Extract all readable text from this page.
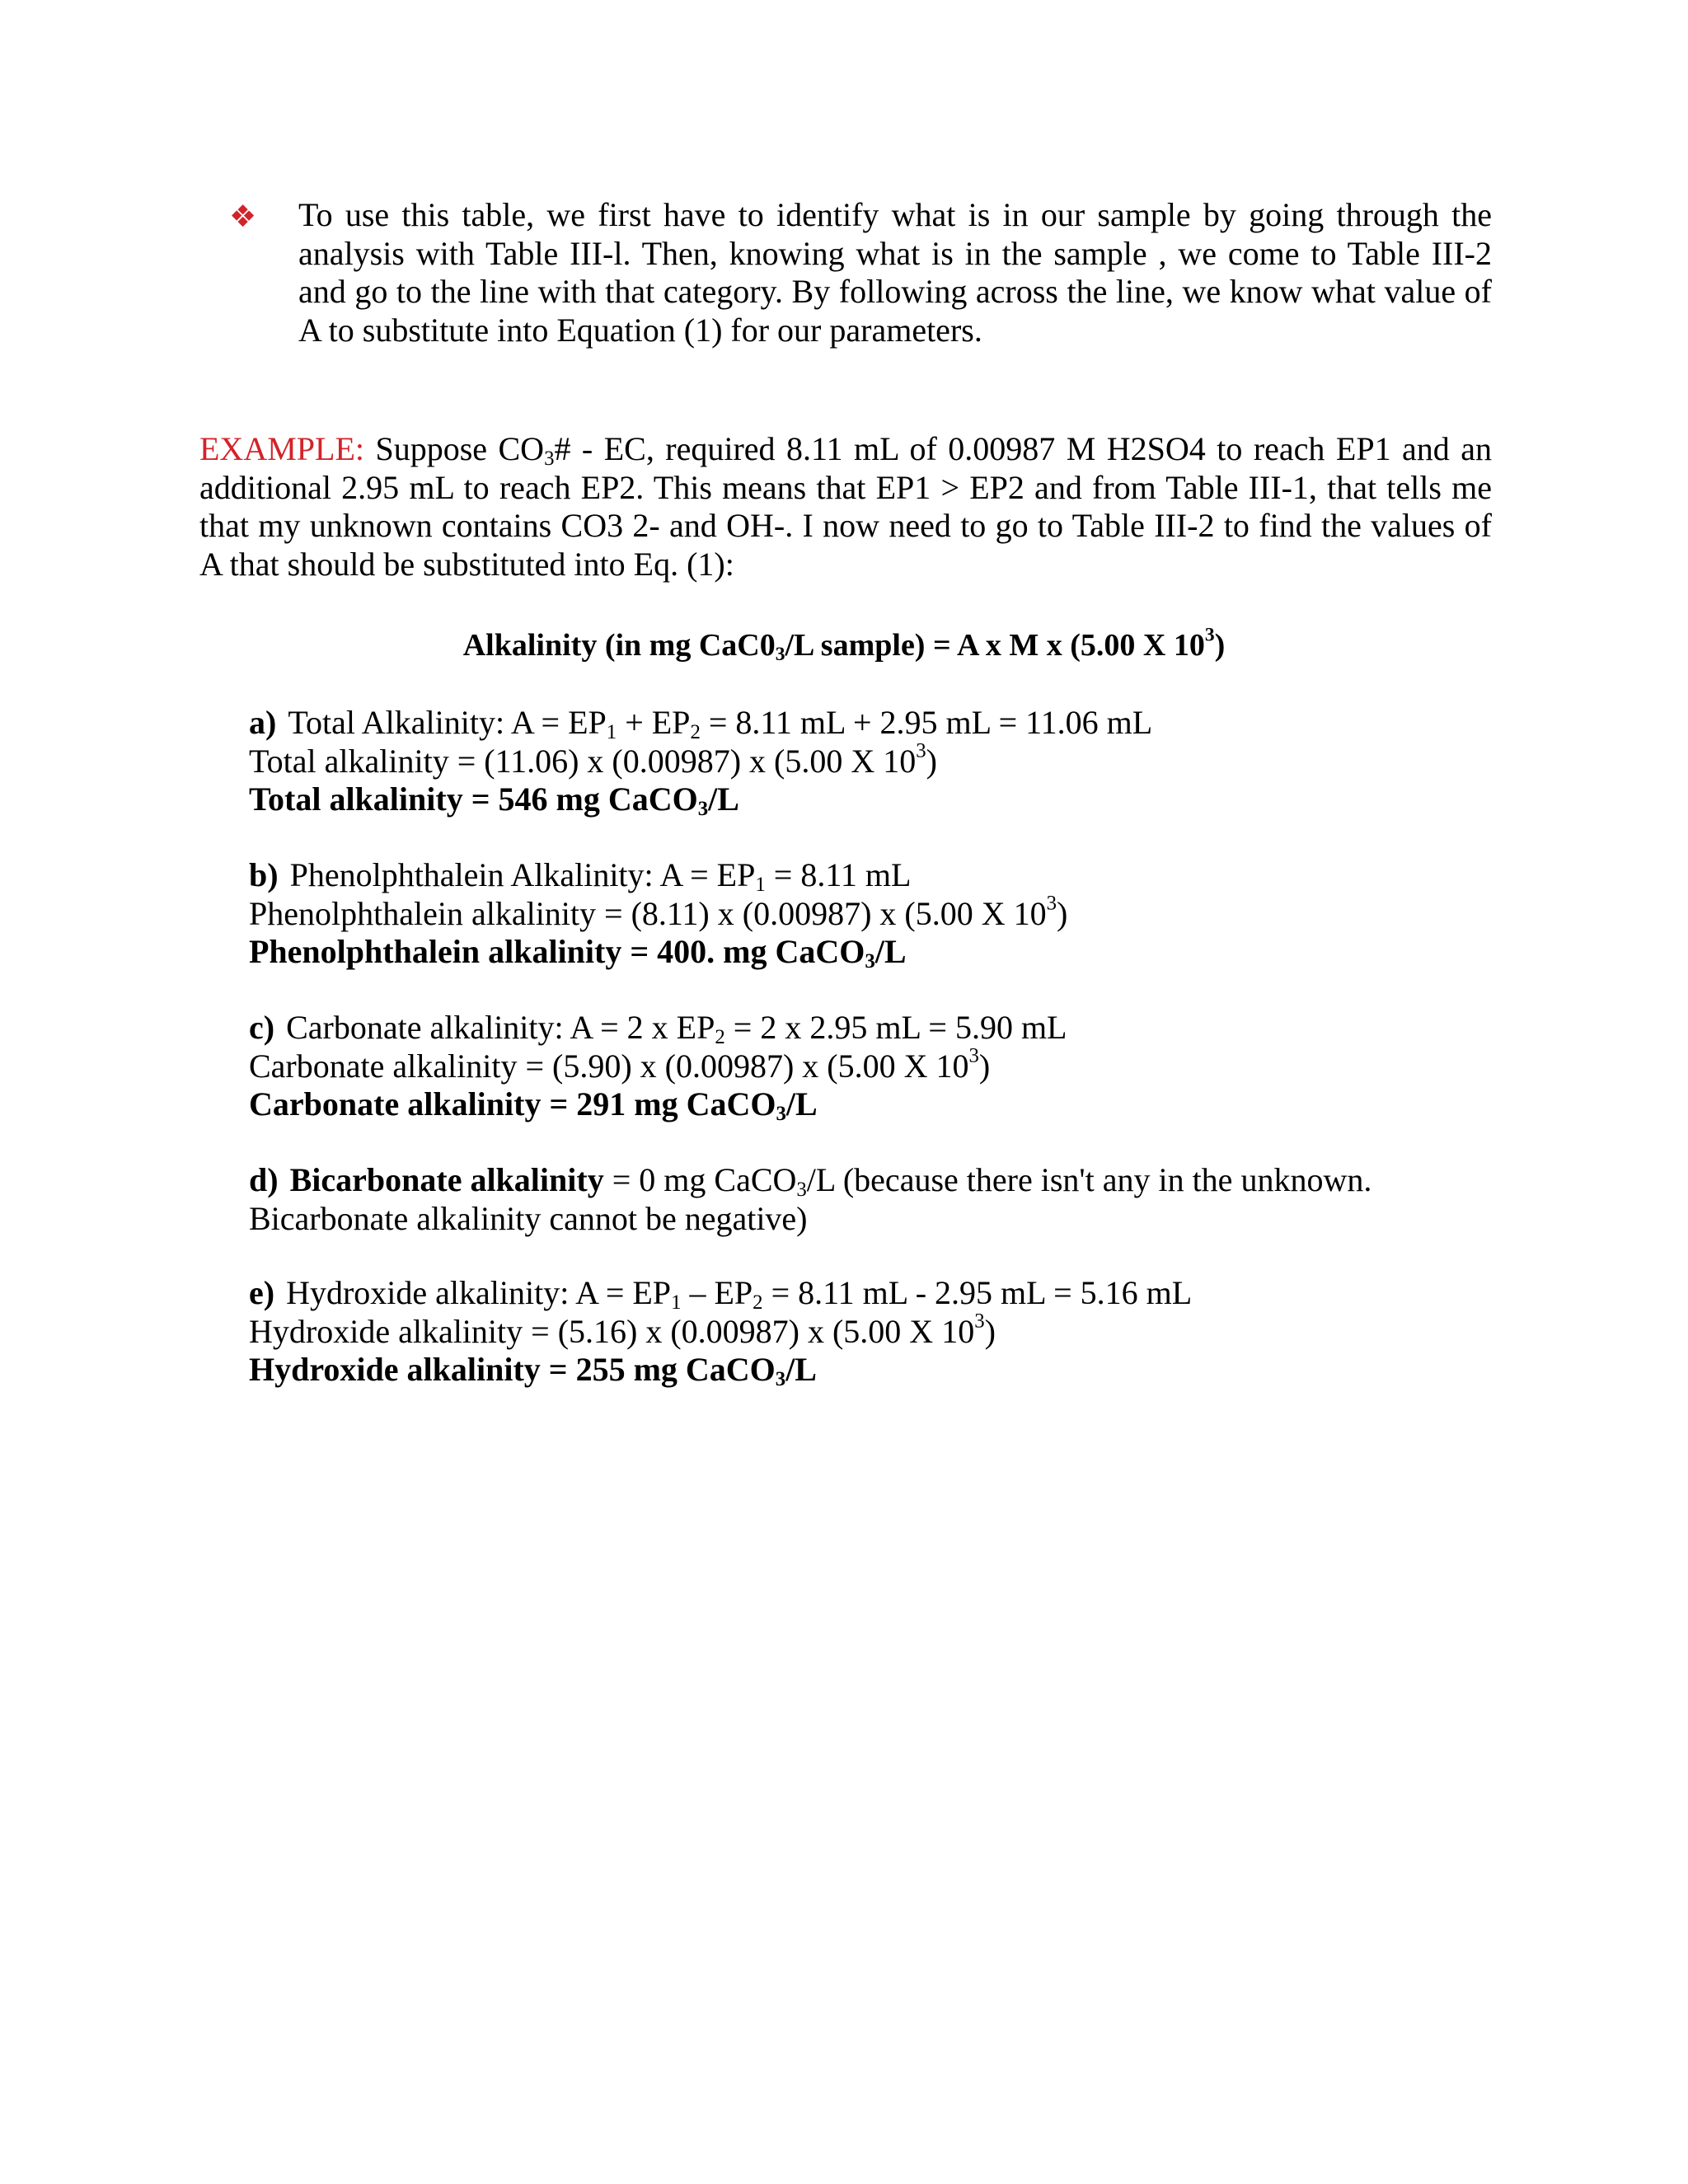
❖ To use this table, we first have to identify what is in our sample by going through the analysis with Table III-l. Then, knowing what is in the sample , we come to Table III-2 and go to the line with that category. By following across the line, we know what value of A to substitute into Equation (1) for our parameters.
EXAMPLE: Suppose $CO_3\#$ - EC, required 8.11 mL of 0.00987 M H2SO4 to reach EP1 and an additional 2.95 mL to reach EP2. This means that EP1 > EP2 and from Table III-1, that tells me that my unknown contains CO3 2- and OH-. I now need to go to Table III-2 to find the values of A that should be substituted into Eq. (1):
Alkalinity (in mg $CaC0_3/L$ sample) = A x M x (5.00 X $10^3$)
a) Total Alkalinity: $A = EP_1 + EP_2 = 8.11$ mL + 2.95 mL = 11.06 mL
Total alkalinity = (11.06) x (0.00987) x (5.00 X $10^3$)
Total alkalinity = 546 mg CaCO$_3$/L
b) Phenolphthalein Alkalinity: $A = EP_1 = 8.11$ mL
Phenolphthalein alkalinity = (8.11) x (0.00987) x (5.00 X $10^3$)
Phenolphthalein alkalinity = 400. mg CaCO$_3$/L
c) Carbonate alkalinity: A = 2 x $EP_2 = 2$ x 2.95 mL = 5.90 mL
Carbonate alkalinity = (5.90) x (0.00987) x (5.00 X $10^3$)
Carbonate alkalinity = 291 mg CaCO$_3$/L
d) Bicarbonate alkalinity = 0 mg CaCO$_3$/L (because there isn't any in the unknown.
Bicarbonate alkalinity cannot be negative)
e) Hydroxide alkalinity: $A = EP_1 - EP_2 = 8.11$ mL - 2.95 mL = 5.16 mL
Hydroxide alkalinity = (5.16) x (0.00987) x (5.00 X $10^3$)
Hydroxide alkalinity = 255 mg CaCO$_3$/L
